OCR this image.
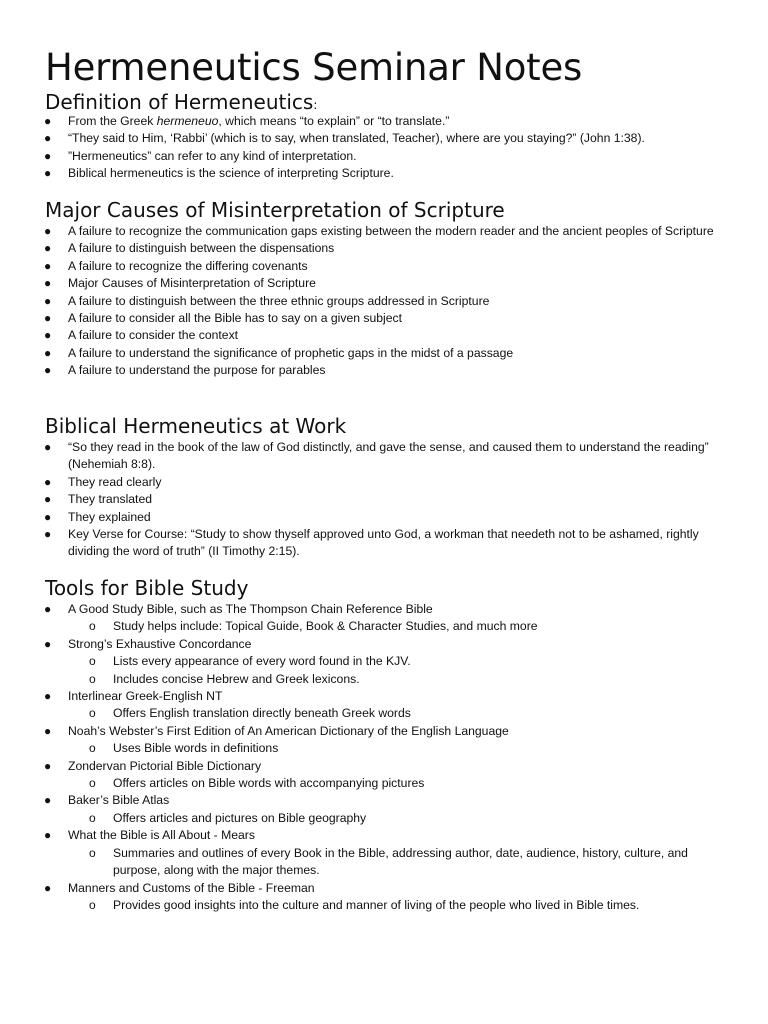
Hermeneutics Seminar Notes
Definition of Hermeneutics:
● From the Greek hermeneuo, which means “to explain” or “to translate.”
● “They said to Him, ‘Rabbi’ (which is to say, when translated, Teacher), where are you staying?” (John 1:38).
● ”Hermeneutics” can refer to any kind of interpretation.
● Biblical hermeneutics is the science of interpreting Scripture.
Major Causes of Misinterpretation of Scripture
● A failure to recognize the communication gaps existing between the modern reader and the ancient peoples of Scripture
● A failure to distinguish between the dispensations
● A failure to recognize the differing covenants
● Major Causes of Misinterpretation of Scripture
● A failure to distinguish between the three ethnic groups addressed in Scripture
● A failure to consider all the Bible has to say on a given subject
● A failure to consider the context
● A failure to understand the significance of prophetic gaps in the midst of a passage
● A failure to understand the purpose for parables
Biblical Hermeneutics at Work
● “So they read in the book of the law of God distinctly, and gave the sense, and caused them to understand the reading” (Nehemiah 8:8).
● They read clearly
● They translated
● They explained
● Key Verse for Course: “Study to show thyself approved unto God, a workman that needeth not to be ashamed, rightly dividing the word of truth” (II Timothy 2:15).
Tools for Bible Study
● A Good Study Bible, such as The Thompson Chain Reference Bible
o Study helps include: Topical Guide, Book & Character Studies, and much more
● Strong’s Exhaustive Concordance
o Lists every appearance of every word found in the KJV.
o Includes concise Hebrew and Greek lexicons.
● Interlinear Greek-English NT
o Offers English translation directly beneath Greek words
● Noah’s Webster’s First Edition of An American Dictionary of the English Language
o Uses Bible words in definitions
● Zondervan Pictorial Bible Dictionary
o Offers articles on Bible words with accompanying pictures
● Baker’s Bible Atlas
o Offers articles and pictures on Bible geography
● What the Bible is All About - Mears
o Summaries and outlines of every Book in the Bible, addressing author, date, audience, history, culture, and purpose, along with the major themes.
● Manners and Customs of the Bible - Freeman
o Provides good insights into the culture and manner of living of the people who lived in Bible times.
